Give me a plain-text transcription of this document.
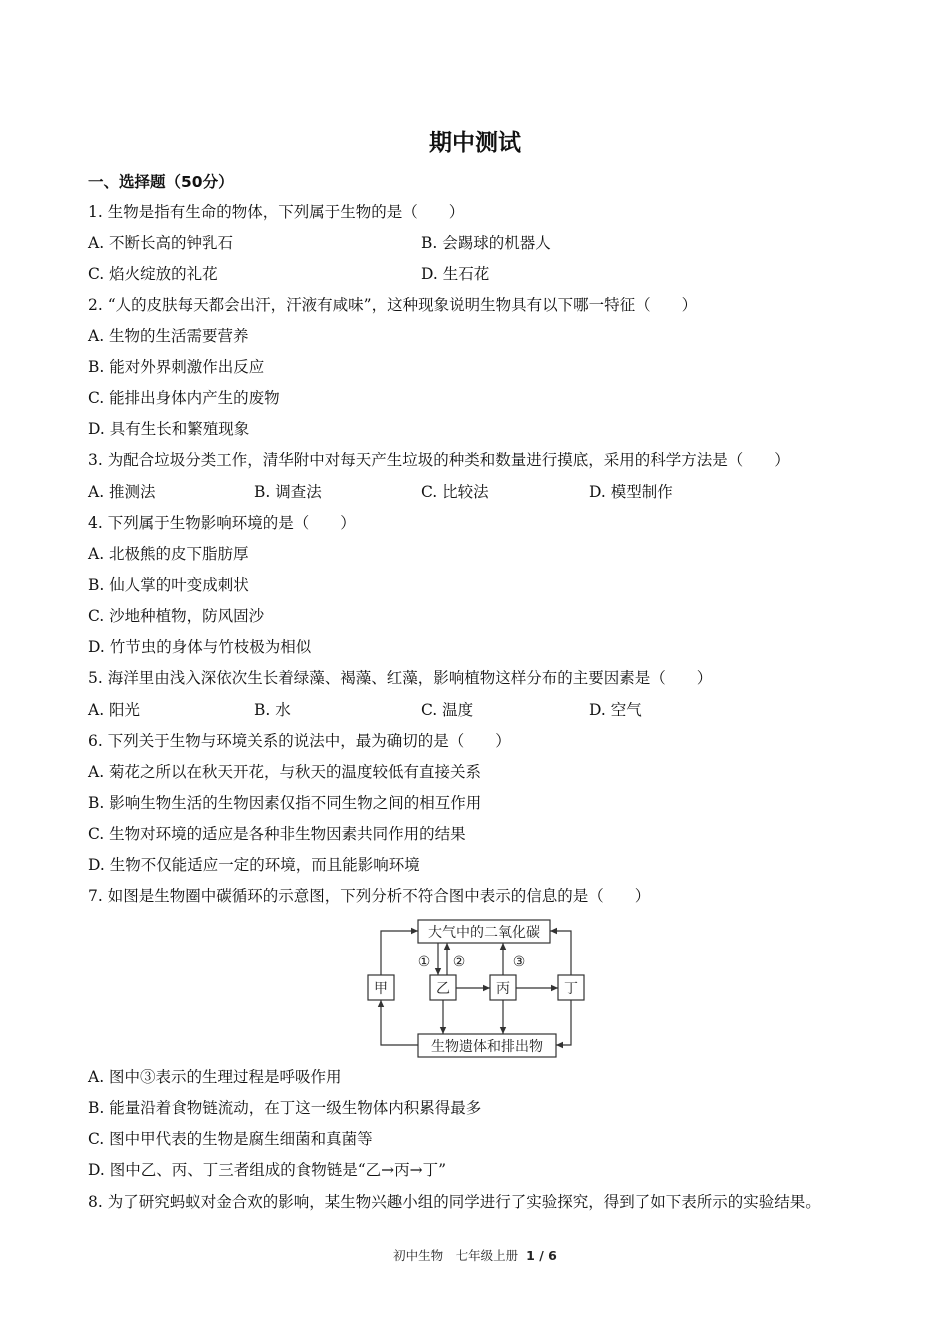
期中测试
一、选择题（50分）
1. 生物是指有生命的物体，下列属于生物的是（　　）
A. 不断长高的钟乳石	B. 会踢球的机器人
C. 焰火绽放的礼花	D. 生石花
2. “人的皮肤每天都会出汗，汗液有咸味”，这种现象说明生物具有以下哪一特征（　　）
A. 生物的生活需要营养
B. 能对外界刺激作出反应
C. 能排出身体内产生的废物
D. 具有生长和繁殖现象
3. 为配合垃圾分类工作，清华附中对每天产生垃圾的种类和数量进行摸底，采用的科学方法是（　　）
A. 推测法	B. 调查法	C. 比较法	D. 模型制作
4. 下列属于生物影响环境的是（　　）
A. 北极熊的皮下脂肪厚
B. 仙人掌的叶变成刺状
C. 沙地种植物，防风固沙
D. 竹节虫的身体与竹枝极为相似
5. 海洋里由浅入深依次生长着绿藻、褐藻、红藻，影响植物这样分布的主要因素是（　　）
A. 阳光	B. 水	C. 温度	D. 空气
6. 下列关于生物与环境关系的说法中，最为确切的是（　　）
A. 菊花之所以在秋天开花，与秋天的温度较低有直接关系
B. 影响生物生活的生物因素仅指不同生物之间的相互作用
C. 生物对环境的适应是各种非生物因素共同作用的结果
D. 生物不仅能适应一定的环境，而且能影响环境
7. 如图是生物圈中碳循环的示意图，下列分析不符合图中表示的信息的是（　　）
大气中的二氧化碳
生物遗体和排出物
甲	乙	丙	丁
① ②	③
A. 图中③表示的生理过程是呼吸作用
B. 能量沿着食物链流动，在丁这一级生物体内积累得最多
C. 图中甲代表的生物是腐生细菌和真菌等
D. 图中乙、丙、丁三者组成的食物链是“乙→丙→丁”
8. 为了研究蚂蚁对金合欢的影响，某生物兴趣小组的同学进行了实验探究，得到了如下表所示的实验结果。
初中生物　七年级上册 1 / 6
